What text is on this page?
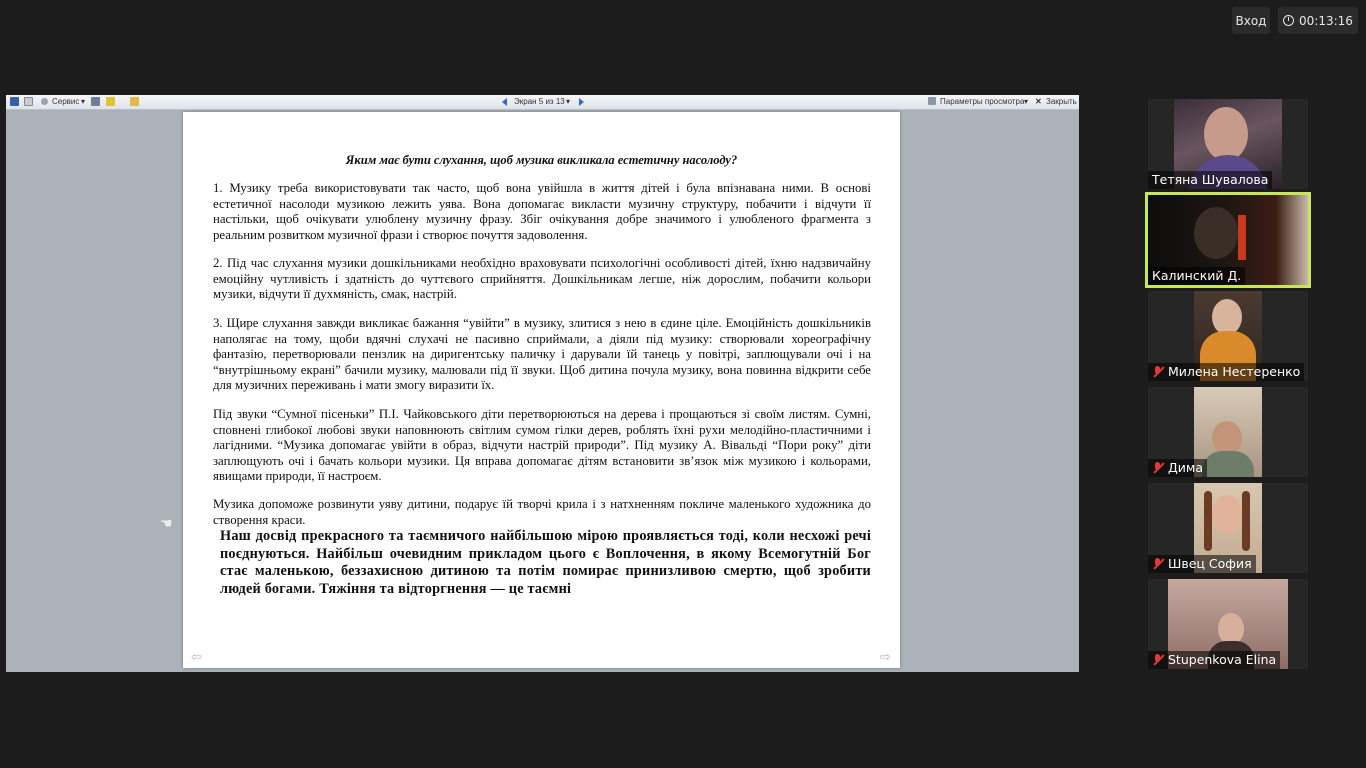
Вход	00:13:16
Сервис ▾	Экран 5 из 13 ▾	Параметры просмотра ▾ ✕ Закрыть
Яким має бути слухання, щоб музика викликала естетичну насолоду?
1. Музику треба використовувати так часто, щоб вона увійшла в життя дітей і була впізнавана ними. В основі естетичної насолоди музикою лежить уява. Вона допомагає викласти музичну структуру, побачити і відчути її настільки, щоб очікувати улюблену музичну фразу. Збіг очікування добре значимого і улюбленого фрагмента з реальним розвитком музичної фрази і створює почуття задоволення.
2. Під час слухання музики дошкільниками необхідно враховувати психологічні особливості дітей, їхню надзвичайну емоційну чутливість і здатність до чуттєвого сприйняття. Дошкільникам легше, ніж дорослим, побачити кольори музики, відчути її духмяність, смак, настрій.
3. Щире слухання завжди викликає бажання “увійти” в музику, злитися з нею в єдине ціле. Емоційність дошкільників наполягає на тому, щоби вдячні слухачі не пасивно сприймали, а діяли під музику: створювали хореографічну фантазію, перетворювали пензлик на диригентську паличку і дарували їй танець у повітрі, заплющували очі і на “внутрішньому екрані” бачили музику, малювали під її звуки. Щоб дитина почула музику, вона повинна відкрити себе для музичних переживань і мати змогу виразити їх.
Під звуки “Сумної пісеньки” П.І. Чайковського діти перетворюються на дерева і прощаються зі своїм листям. Сумні, сповнені глибокої любові звуки наповнюють світлим сумом гілки дерев, роблять їхні рухи мелодійно-пластичними і лагідними. “Музика допомагає увійти в образ, відчути настрій природи”. Під музику А. Вівальді “Пори року” діти заплющують очі і бачать кольори музики. Ця вправа допомагає дітям встановити зв’язок між музикою і кольорами, явищами природи, її настроєм.
Музика допоможе розвинути уяву дитини, подарує їй творчі крила і з натхненням покличе маленького художника до створення краси.
Наш досвід прекрасного та таємничого найбільшою мірою проявляється тоді, коли несхожі речі поєднуються. Найбільш очевидним прикладом цього є Воплочення, в якому Всемогутній Бог стає маленькою, беззахисною дитиною та потім помирає принизливою смертю, щоб зробити людей богами. Тяжіння та відторгнення — це таємні
⇦	⇨
☚
Тетяна Шувалова
Калинский Д.
Милена Нестеренко
Дима
Швец София
Stupenkova Elina
